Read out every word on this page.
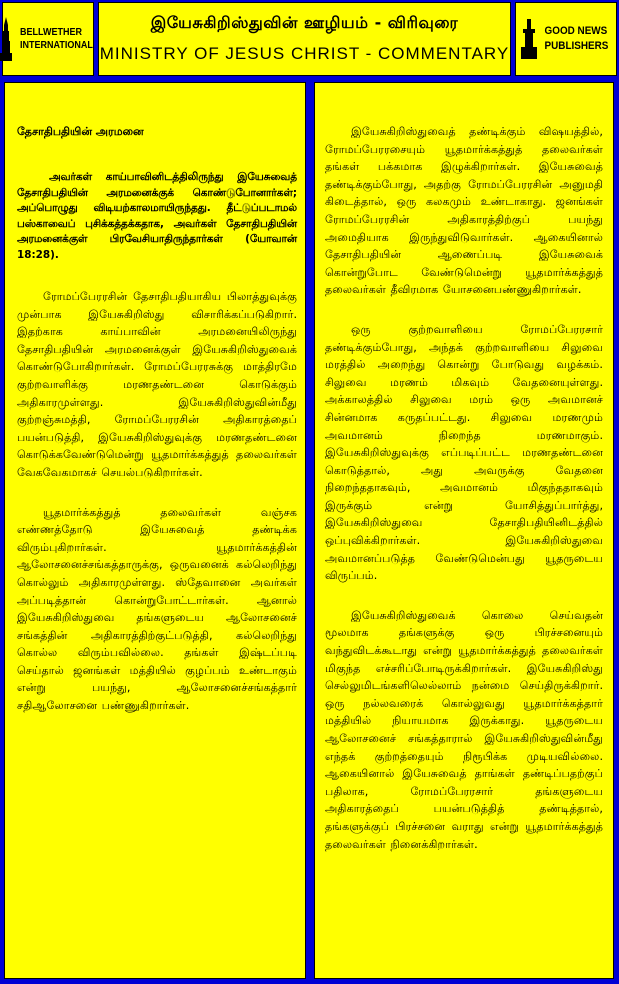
BELLWETHER
INTERNATIONAL
இயேசுகிறிஸ்துவின் ஊழியம் - விரிவுரை
MINISTRY OF JESUS CHRIST - COMMENTARY
GOOD NEWS
PUBLISHERS
தேசாதிபதியின் அரமனை

அவர்கள் காய்பாவினிடத்திலிருந்து இயேசுவைத் தேசாதிபதியின் அரமனைக்குக் கொண்டுபோனார்கள்; அப்பொழுது விடியற்காலமாயிருந்தது. தீட்டுப்படாமல் பஸ்காவைப் புசிக்கத்தக்கதாக, அவர்கள் தேசாதிபதியின் அரமனைக்குள் பிரவேசியாதிருந்தார்கள் (யோவான் 18:28).

ரோமப்பேரரசின் தேசாதிபதியாகிய பிலாத்துவுக்கு முன்பாக இயேசுகிறிஸ்து விசாரிக்கப்படுகிறார். இதற்காக காய்பாவின் அரமனையிலிருந்து தேசாதிபதியின் அரமனைக்குள் இயேசுகிறிஸ்துவைக் கொண்டுபோகிறார்கள். ரோமப்பேரரசுக்கு மாத்திரமே குற்றவாளிக்கு மரணதண்டனை கொடுக்கும் அதிகாரமுள்ளது. இயேசுகிறிஸ்துவின்மீது குற்றஞ்சுமத்தி, ரோமப்பேரரசின் அதிகாரத்தைப் பயன்படுத்தி, இயேசுகிறிஸ்துவுக்கு மரணதண்டனை கொடுக்கவேண்டுமென்று யூதமார்க்கத்துத் தலைவர்கள் வேகவேகமாகச் செயல்படுகிறார்கள்.

யூதமார்க்கத்துத் தலைவர்கள் வஞ்சக எண்ணத்தோடு இயேசுவைத் தண்டிக்க விரும்புகிறார்கள். யூதமார்க்கத்தின் ஆலோசனைச்சங்கத்தாருக்கு, ஒருவனைக் கல்லெறிந்து கொல்லும் அதிகாரமுள்ளது. ஸ்தேவானை அவர்கள் அப்படித்தான் கொன்றுபோட்டார்கள். ஆனால் இயேசுகிறிஸ்துவை தங்களுடைய ஆலோசனைச் சங்கத்தின் அதிகாரத்திற்குட்படுத்தி, கல்லெறிந்து கொல்ல விரும்பவில்லை. தங்கள் இஷ்டப்படி செய்தால் ஜனங்கள் மத்தியில் குழப்பம் உண்டாகும் என்று பயந்து, ஆலோசனைச்சங்கத்தார் சதிஆலோசனை பண்ணுகிறார்கள்.

இயேசுகிறிஸ்துவைத் தண்டிக்கும் விஷயத்தில், ரோமப்பேரரசையும் யூதமார்க்கத்துத் தலைவர்கள் தங்கள் பக்கமாக இழுக்கிறார்கள். இயேசுவைத் தண்டிக்கும்போது, அதற்கு ரோமப்பேரரசின் அனுமதி கிடைத்தால், ஒரு கலகமும் உண்டாகாது. ஜனங்கள் ரோமப்பேரரசின் அதிகாரத்திற்குப் பயந்து அமைதியாக இருந்துவிடுவார்கள். ஆகையினால் தேசாதிபதியின் ஆணைப்படி இயேசுவைக் கொன்றுபோட வேண்டுமென்று யூதமார்க்கத்துத் தலைவர்கள் தீவிரமாக யோசனைபண்ணுகிறார்கள்.

ஒரு குற்றவாளியை ரோமப்பேரரசார் தண்டிக்கும்போது, அந்தக் குற்றவாளியை சிலுவை மரத்தில் அறைந்து கொன்று போடுவது வழக்கம். சிலுவை மரணம் மிகவும் வேதனையுள்ளது. அக்காலத்தில் சிலுவை மரம் ஒரு அவமானச் சின்னமாக கருதப்பட்டது. சிலுவை மரணமும் அவமானம் நிறைந்த மரணமாகும். இயேசுகிறிஸ்துவுக்கு எப்படிப்பட்ட மரணதண்டனை கொடுத்தால், அது அவருக்கு வேதனை நிறைந்ததாகவும், அவமானம் மிகுந்ததாகவும் இருக்கும் என்று யோசித்துப்பார்த்து, இயேசுகிறிஸ்துவை தேசாதிபதியினிடத்தில் ஒப்புவிக்கிறார்கள். இயேசுகிறிஸ்துவை அவமானப்படுத்த வேண்டுமென்பது யூதருடைய விருப்பம்.

இயேசுகிறிஸ்துவைக் கொலை செய்வதன் மூலமாக தங்களுக்கு ஒரு பிரச்சனையும் வந்துவிடக்கூடாது என்று யூதமார்க்கத்துத் தலைவர்கள் மிகுந்த எச்சரிப்போடிருக்கிறார்கள். இயேசுகிறிஸ்து செல்லுமிடங்களிலெல்லாம் நன்மை செய்திருக்கிறார். ஒரு நல்லவரைக் கொல்லுவது யூதமார்க்கத்தார் மத்தியில் நியாயமாக இருக்காது. யூதருடைய ஆலோசனைச் சங்கத்தாரால் இயேசுகிறிஸ்துவின்மீது எந்தக் குற்றத்தையும் நிரூபிக்க முடியவில்லை. ஆகையினால் இயேசுவைத் தாங்கள் தண்டிப்பதற்குப் பதிலாக, ரோமப்பேரரசார் தங்களுடைய அதிகாரத்தைப் பயன்படுத்தித் தண்டித்தால், தங்களுக்குப் பிரச்சனை வராது என்று யூதமார்க்கத்துத் தலைவர்கள் நினைக்கிறார்கள்.
